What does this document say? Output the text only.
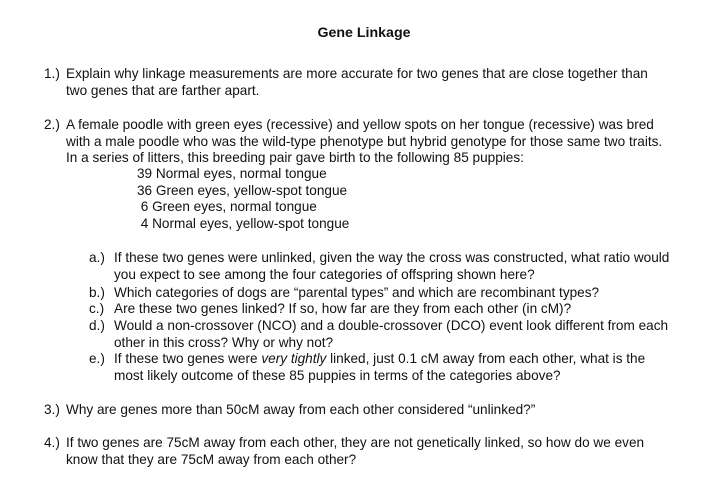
Gene Linkage
1.) Explain why linkage measurements are more accurate for two genes that are close together than

two genes that are farther apart.

2.) A female poodle with green eyes (recessive) and yellow spots on her tongue (recessive) was bred

with a male poodle who was the wild-type phenotype but hybrid genotype for those same two traits.

In a series of litters, this breeding pair gave birth to the following 85 puppies:

39 Normal eyes, normal tongue
36 Green eyes, yellow-spot tongue
6 Green eyes, normal tongue
4 Normal eyes, yellow-spot tongue
a.) If these two genes were unlinked, given the way the cross was constructed, what ratio would
you expect to see among the four categories of offspring shown here?
b.) Which categories of dogs are “parental types” and which are recombinant types?
c.) Are these two genes linked? If so, how far are they from each other (in cM)?
d.) Would a non-crossover (NCO) and a double-crossover (DCO) event look different from each
other in this cross? Why or why not?
e.) If these two genes were very tightly linked, just 0.1 cM away from each other, what is the
most likely outcome of these 85 puppies in terms of the categories above?
3.) Why are genes more than 50cM away from each other considered “unlinked?”

4.) If two genes are 75cM away from each other, they are not genetically linked, so how do we even

know that they are 75cM away from each other?
